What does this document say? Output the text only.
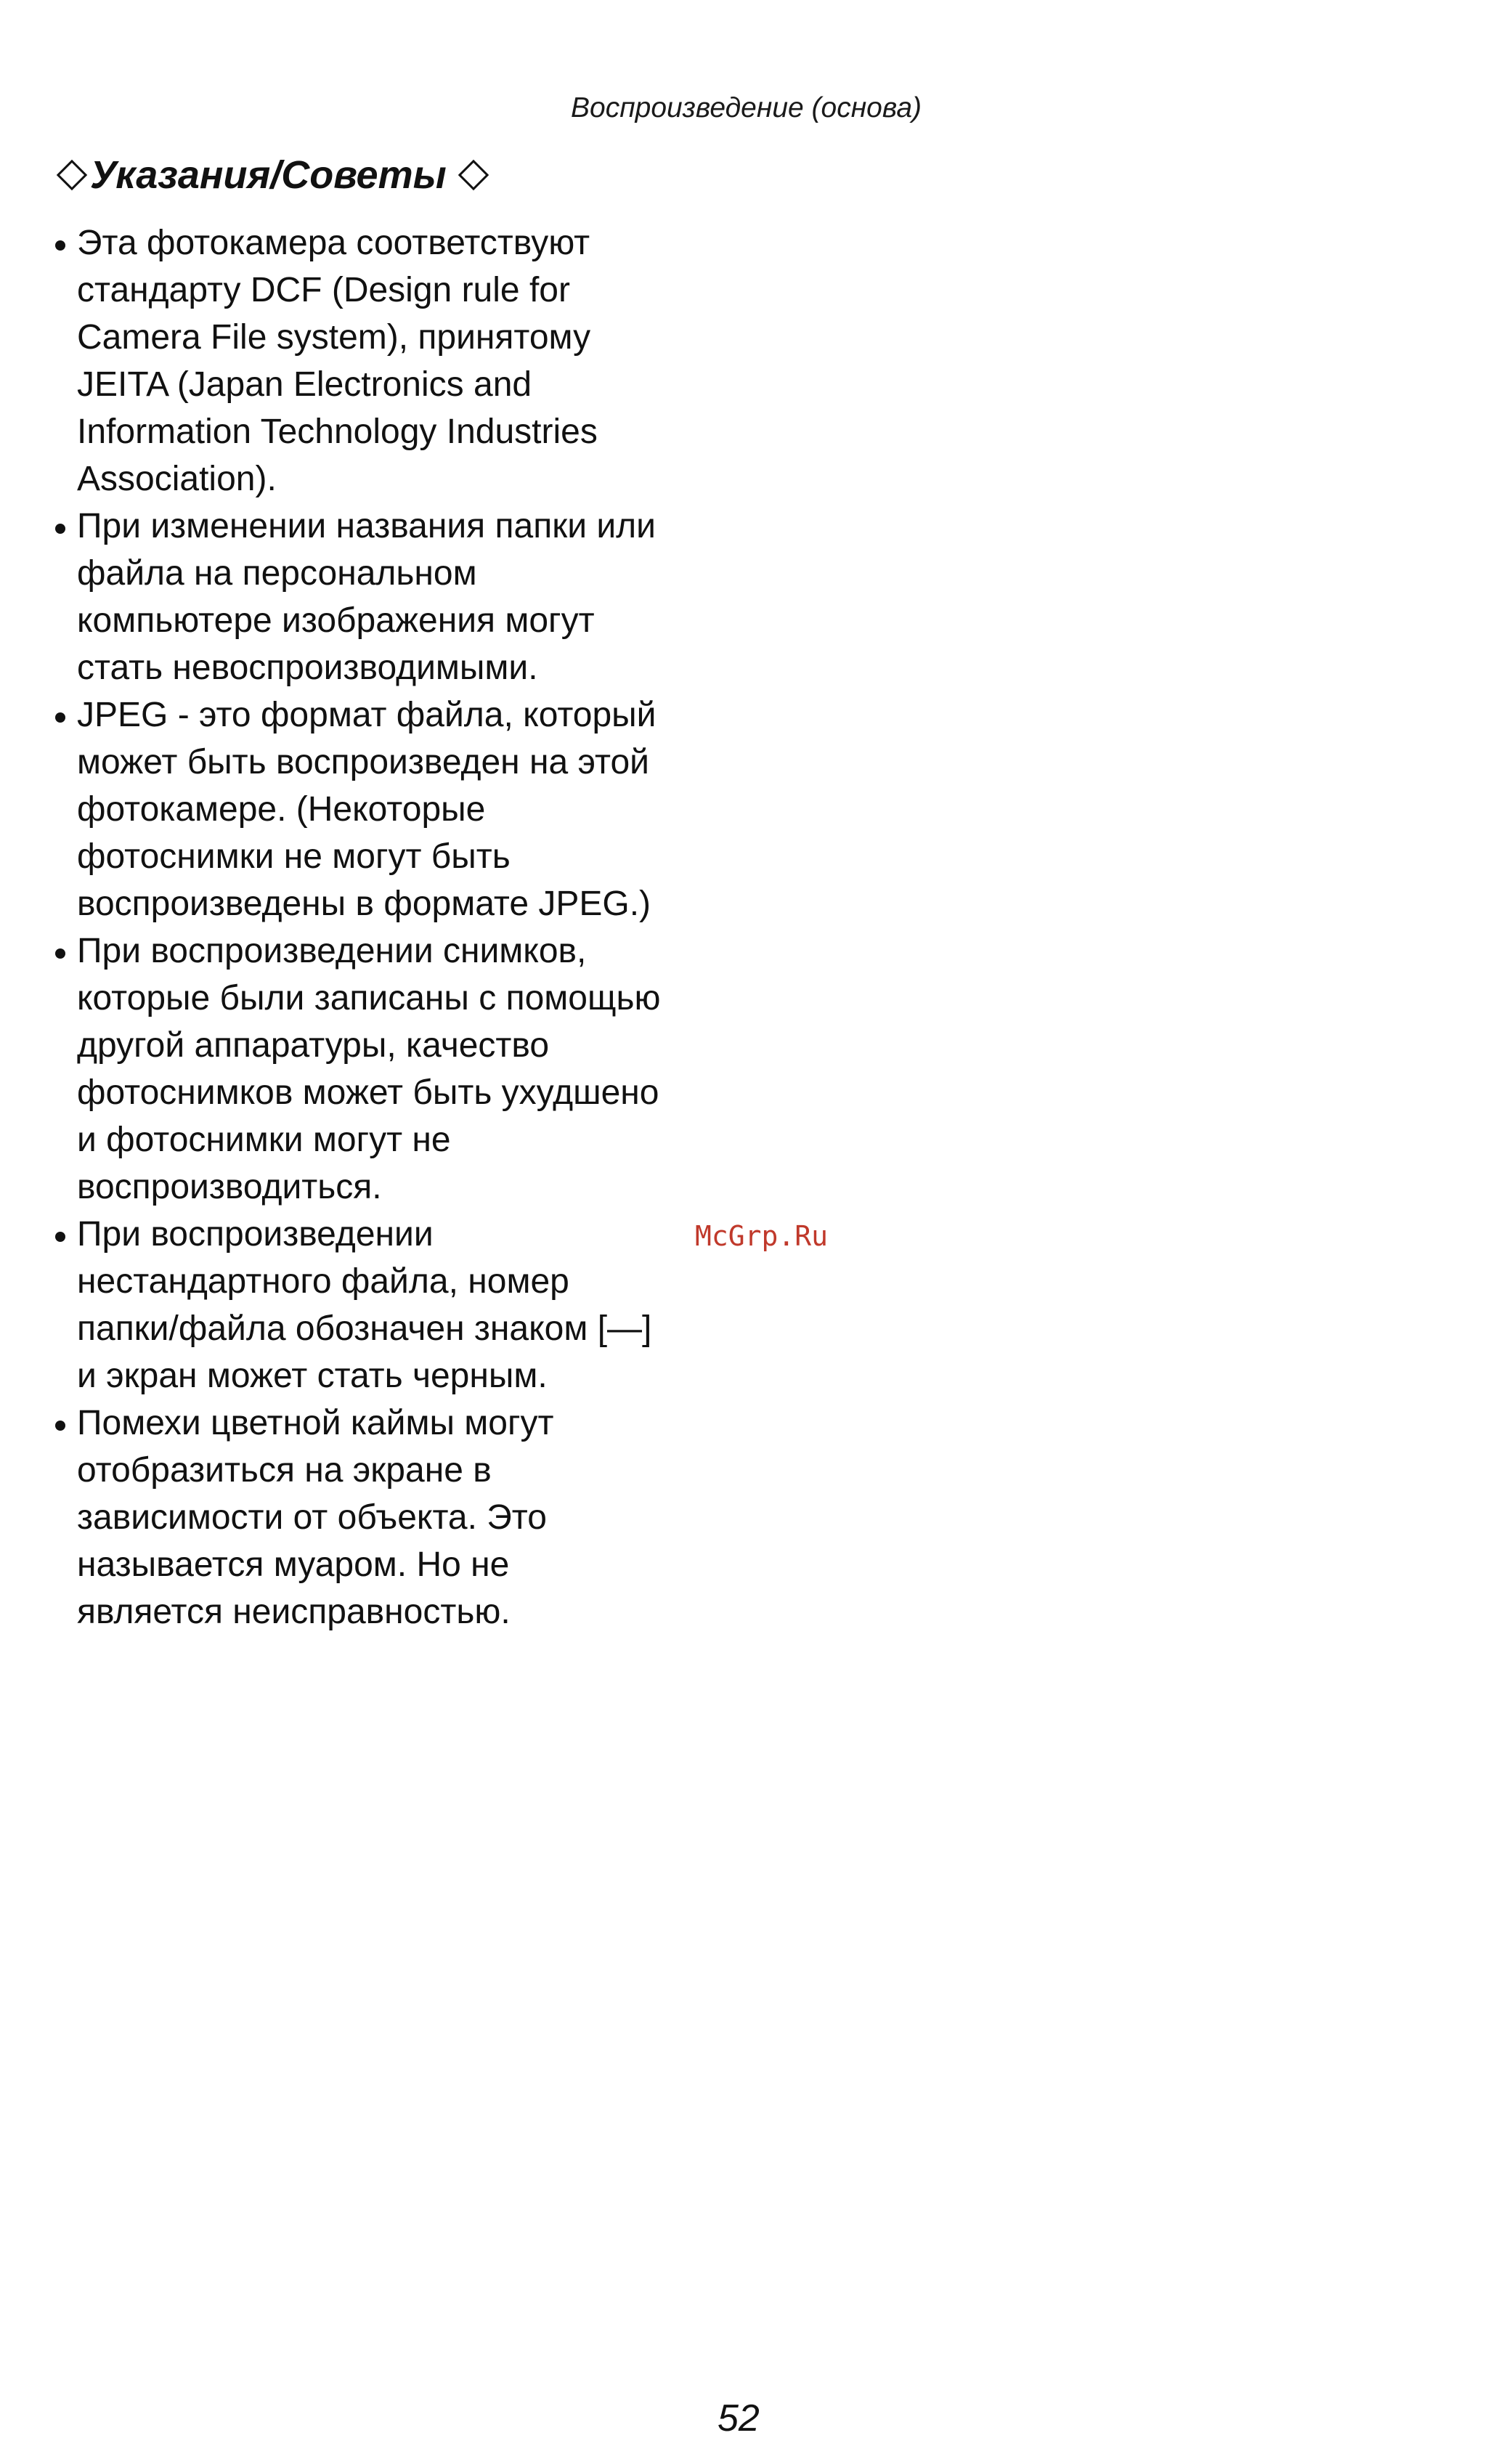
Воспроизведение (основа)
Указания/Советы
Эта фотокамера соответствуют
стандарту DCF (Design rule for
Camera File system), принятому
JEITA (Japan Electronics and
Information Technology Industries
Association).
При изменении названия папки или
файла на персональном
компьютере изображения могут
стать невоспроизводимыми.
JPEG - это формат файла, который
может быть воспроизведен на этой
фотокамере. (Некоторые
фотоснимки не могут быть
воспроизведены в формате JPEG.)
При воспроизведении снимков,
которые были записаны с помощью
другой аппаратуры, качество
фотоснимков может быть ухудшено
и фотоснимки могут не
воспроизводиться.
При воспроизведении
нестандартного файла, номер
папки/файла обозначен знаком [—]
и экран может стать черным.
Помехи цветной каймы могут
отобразиться на экране в
зависимости от объекта. Это
называется муаром. Но не
является неисправностью.
McGrp.Ru
52
